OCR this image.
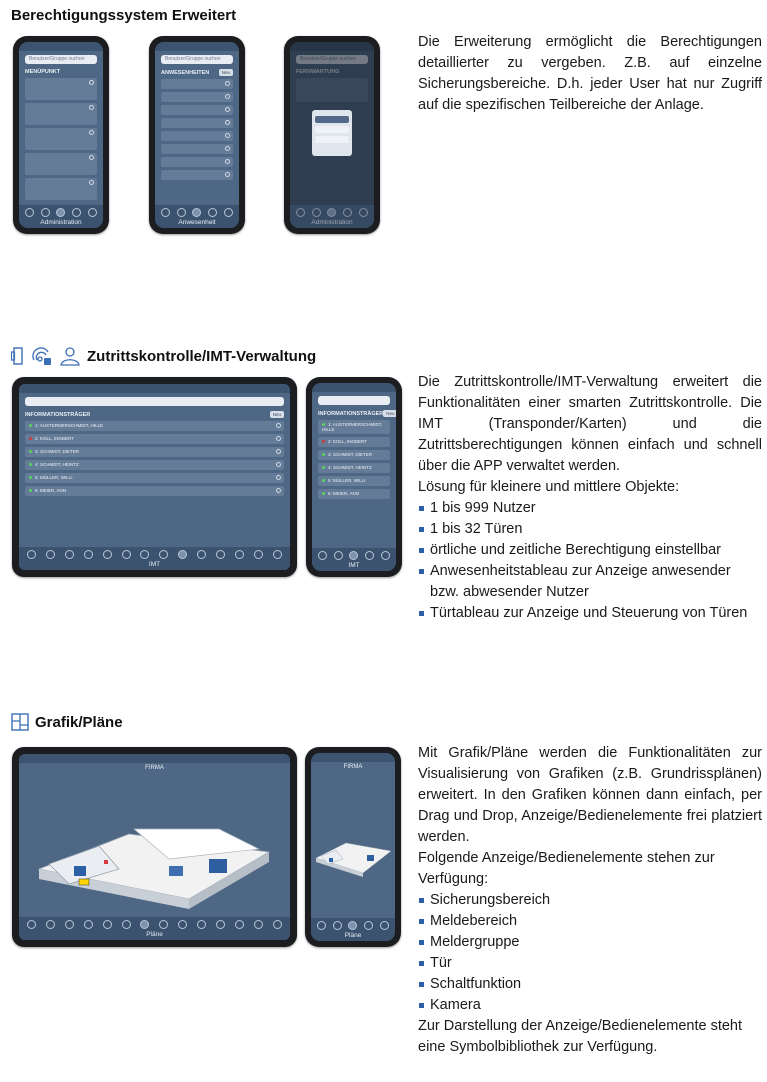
Berechtigungssystem Erweitert
Benutzer/Gruppe suchen
MENÜPUNKT
Administration
Benutzer/Gruppe suchen
ANWESENHEITEN	Neu
Anwesenheit	Administration

Die Erweiterung ermöglicht die Berechtigungen detaillierter zu vergeben. Z.B. auf einzelne Sicherungsbereiche. D.h. jeder User hat nur Zugriff auf die spezifischen Teilbereiche der Anlage.

Zutrittskontrolle/IMT-Verwaltung
INFORMATIONSTRÄGER	Neu
1: AUSTERMERSCHMIDT, HILLE
2: KOLL, INGBERT
3: SCHMIDT, DIETER
4: SCHMIDT, HEINTZ
5: MÜLLER, WILLI
6: MEIER, ANN
IMT
INFORMATIONSTRÄGER Neu
1: AUSTERMERSCHMIDT, HILLE
2: KOLL, INGBERT
3: SCHMIDT, DIETER
4: SCHMIDT, HEINTZ
5: MÜLLER, WILLI
6: MEIER, ANN
IMT

Die Zutrittskontrolle/IMT-Verwaltung erweitert die Funktionalitäten einer smarten Zutrittskontrolle. Die IMT (Transponder/Karten) und die Zutrittsberechtigungen können einfach und schnell über die APP verwaltet werden.

Lösung für kleinere und mittlere Objekte:

1 bis 999 Nutzer
1 bis 32 Türen
örtliche und zeitliche Berechtigung einstellbar
Anwesenheitstableau zur Anzeige anwesender bzw. abwesender Nutzer
Türtableau zur Anzeige und Steuerung von Türen
Grafik/Pläne
FIRMA
Pläne
FIRMA
Pläne

Mit Grafik/Pläne werden die Funktionalitäten zur Visualisierung von Grafiken (z.B. Grundrissplänen) erweitert. In den Grafiken können dann einfach, per Drag und Drop, Anzeige/Bedienelemente frei platziert werden.

Folgende Anzeige/Bedienelemente stehen zur Verfügung:

Sicherungsbereich
Meldebereich
Meldergruppe
Tür
Schaltfunktion
Kamera

Zur Darstellung der Anzeige/Bedienelemente steht eine Symbolbibliothek zur Verfügung.
